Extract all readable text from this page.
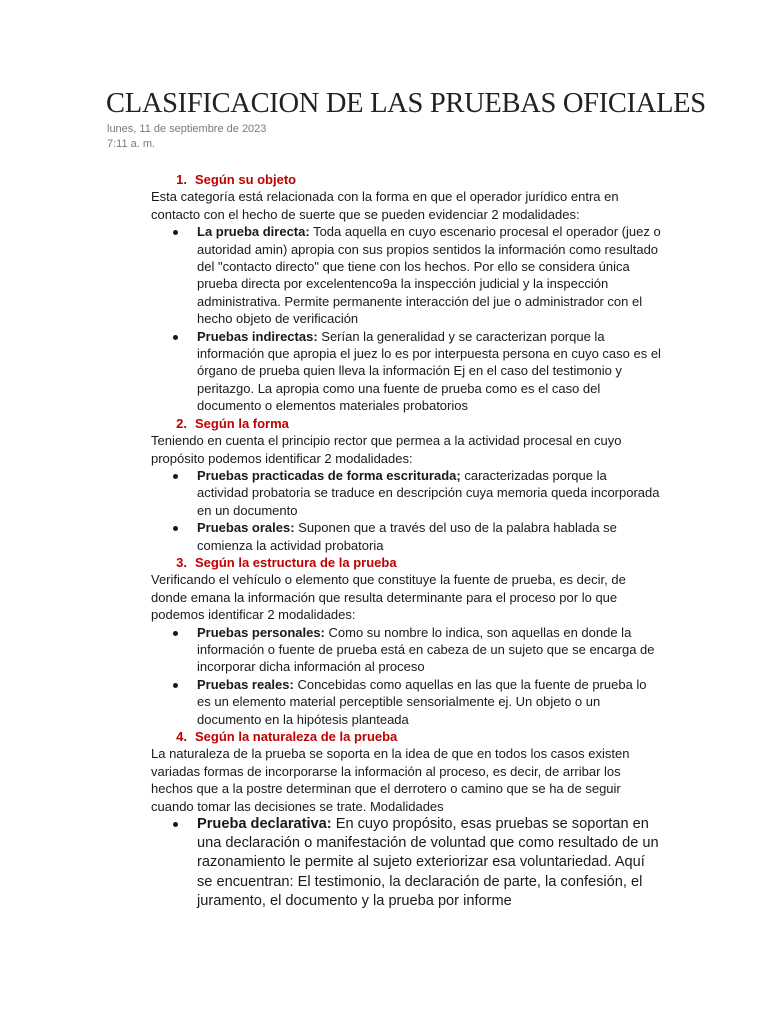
CLASIFICACION DE LAS PRUEBAS OFICIALES
lunes, 11 de septiembre de 2023
7:11 a. m.
1. Según su objeto

Esta categoría está relacionada con la forma en que el operador jurídico entra en contacto con el hecho de suerte que se pueden evidenciar 2 modalidades:

La prueba directa: Toda aquella en cuyo escenario procesal el operador (juez o autoridad amin) apropia con sus propios sentidos la información como resultado del "contacto directo" que tiene con los hechos. Por ello se considera única prueba directa por excelentenco9a la inspección judicial y la inspección administrativa. Permite permanente interacción del jue o administrador con el hecho objeto de verificación
Pruebas indirectas: Serían la generalidad y se caracterizan porque la información que apropia el juez lo es por interpuesta persona en cuyo caso es el órgano de prueba quien lleva la información Ej en el caso del testimonio y peritazgo. La apropia como una fuente de prueba como es el caso del documento o elementos materiales probatorios
2. Según la forma

Teniendo en cuenta el principio rector que permea a la actividad procesal en cuyo propósito podemos identificar 2 modalidades:

Pruebas practicadas de forma escriturada; caracterizadas porque la actividad probatoria se traduce en descripción cuya memoria queda incorporada en un documento
Pruebas orales: Suponen que a través del uso de la palabra hablada se comienza la actividad probatoria
3. Según la estructura de la prueba

Verificando el vehículo o elemento que constituye la fuente de prueba, es decir, de donde emana la información que resulta determinante para el proceso por lo que podemos identificar 2 modalidades:

Pruebas personales: Como su nombre lo indica, son aquellas en donde la información o fuente de prueba está en cabeza de un sujeto que se encarga de incorporar dicha información al proceso
Pruebas reales: Concebidas como aquellas en las que la fuente de prueba lo es un elemento material perceptible sensorialmente ej. Un objeto o un documento en la hipótesis planteada
4. Según la naturaleza de la prueba

La naturaleza de la prueba se soporta en la idea de que en todos los casos existen variadas formas de incorporarse la información al proceso, es decir, de arribar los hechos que a la postre determinan que el derrotero o camino que se ha de seguir cuando tomar las decisiones se trate. Modalidades

Prueba declarativa: En cuyo propósito, esas pruebas se soportan en una declaración o manifestación de voluntad que como resultado de un razonamiento le permite al sujeto exteriorizar esa voluntariedad. Aquí se encuentran: El testimonio, la declaración de parte, la confesión, el juramento, el documento y la prueba por informe
